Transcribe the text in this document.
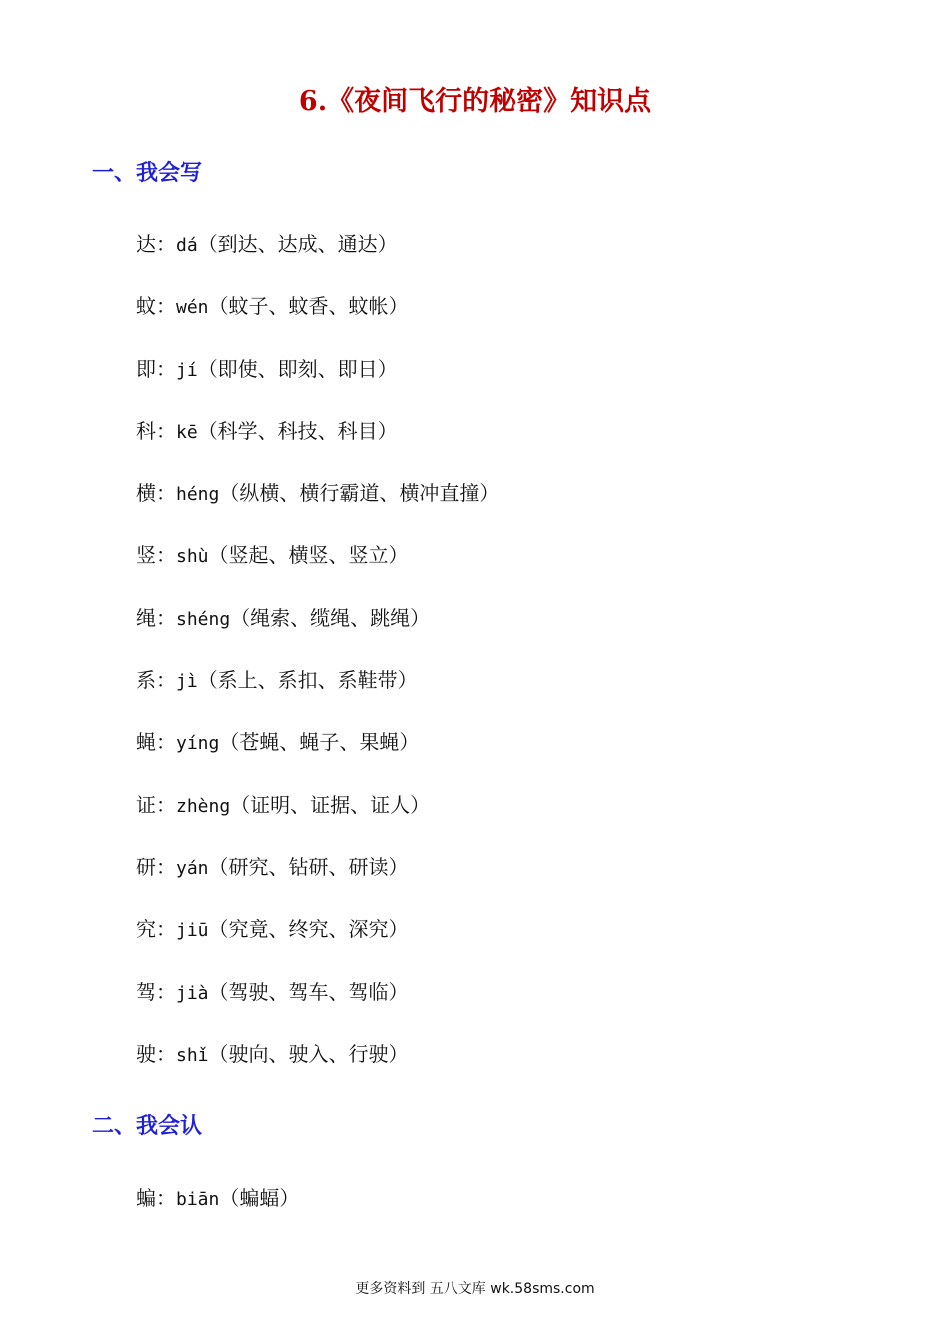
6.《夜间飞行的秘密》知识点
一、我会写
达：dá（到达、达成、通达）
蚊：wén（蚊子、蚊香、蚊帐）
即：jí（即使、即刻、即日）
科：kē（科学、科技、科目）
横：héng（纵横、横行霸道、横冲直撞）
竖：shù（竖起、横竖、竖立）
绳：shéng（绳索、缆绳、跳绳）
系：jì（系上、系扣、系鞋带）
蝇：yíng（苍蝇、蝇子、果蝇）
证：zhèng（证明、证据、证人）
研：yán（研究、钻研、研读）
究：jiū（究竟、终究、深究）
驾：jià（驾驶、驾车、驾临）
驶：shǐ（驶向、驶入、行驶）
二、我会认
蝙：biān（蝙蝠）
更多资料到 五八文库 wk.58sms.com
